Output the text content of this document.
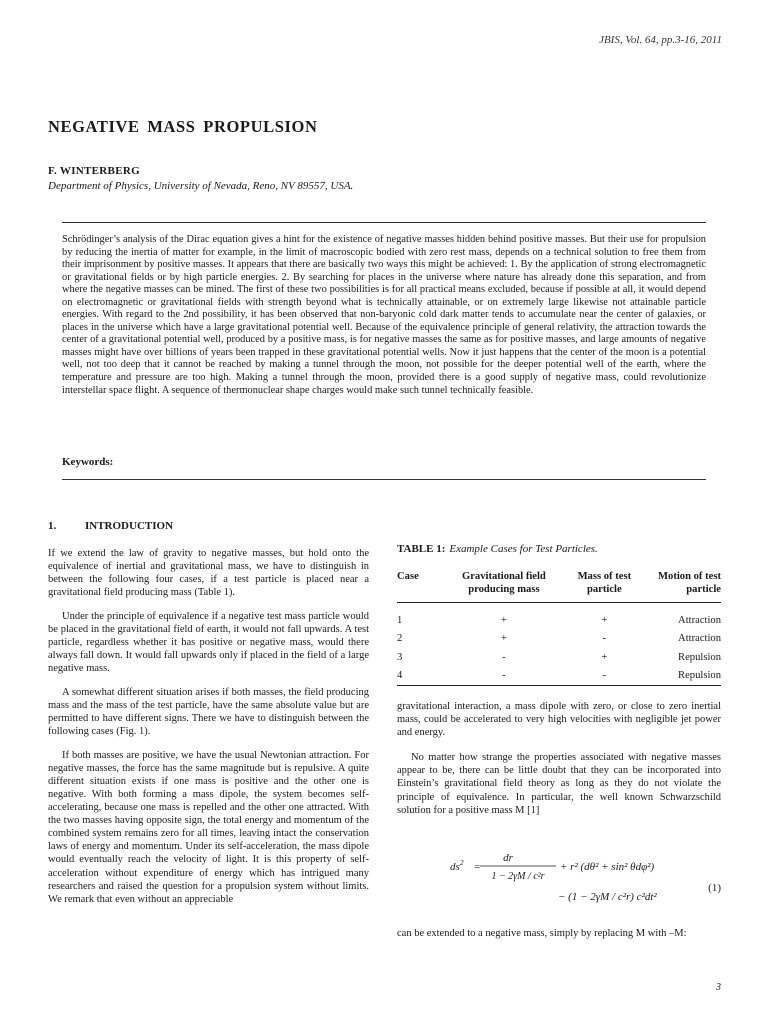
JBIS, Vol. 64, pp.3-16, 2011
NEGATIVE MASS PROPULSION
F. WINTERBERG
Department of Physics, University of Nevada, Reno, NV 89557, USA.

Schrödinger’s analysis of the Dirac equation gives a hint for the existence of negative masses hidden behind positive masses. But their use for propulsion by reducing the inertia of matter for example, in the limit of macroscopic bodied with zero rest mass, depends on a technical solution to free them from their imprisonment by positive masses. It appears that there are basically two ways this might be achieved: 1. By the application of strong electromagnetic or gravitational fields or by high particle energies. 2. By searching for places in the universe where nature has already done this separation, and from where the negative masses can be mined. The first of these two possibilities is for all practical means excluded, because if possible at all, it would depend on electromagnetic or gravitational fields with strength beyond what is technically attainable, or on extremely large likewise not attainable particle energies. With regard to the 2nd possibility, it has been observed that non-baryonic cold dark matter tends to accumulate near the center of galaxies, or places in the universe which have a large gravitational potential well. Because of the equivalence principle of general relativity, the attraction towards the center of a gravitational potential well, produced by a positive mass, is for negative masses the same as for positive masses, and large amounts of negative masses might have over billions of years been trapped in these gravitational potential wells. Now it just happens that the center of the moon is a potential well, not too deep that it cannot be reached by making a tunnel through the moon, not possible for the deeper potential well of the earth, where the temperature and pressure are too high. Making a tunnel through the moon, provided there is a good supply of negative mass, could revolutionize interstellar space flight. A sequence of thermonuclear shape charges would make such tunnel technically feasible.

Keywords:
1.	INTRODUCTION

If we extend the law of gravity to negative masses, but hold onto the equivalence of inertial and gravitational mass, we have to distinguish in between the following four cases, if a test particle is placed near a gravitational field producing mass (Table 1).

Under the principle of equivalence if a negative test mass particle would be placed in the gravitational field of earth, it would not fall upwards. A test particle, regardless whether it has positive or negative mass, would there always fall down. It would fall upwards only if placed in the field of a large negative mass.

A somewhat different situation arises if both masses, the field producing mass and the mass of the test particle, have the same absolute value but are permitted to have different signs. There we have to distinguish between the following cases (Fig. 1).

If both masses are positive, we have the usual Newtonian attraction. For negative masses, the force has the same magnitude but is repulsive. A quite different situation exists if one mass is positive and the other one is negative. With both forming a mass dipole, the system becomes self- accelerating, because one mass is repelled and the other one attracted. With the two masses having opposite sign, the total energy and momentum of the combined system remains zero for all times, leaving intact the conservation laws of energy and momentum. Under its self-acceleration, the mass dipole would eventually reach the velocity of light. It is this property of self-acceleration without expenditure of energy which has intrigued many researchers and raised the question for a propulsion system without limits. We remark that even without an appreciable

TABLE 1: Example Cases for Test Particles.
Case	Gravitational field producing mass	Mass of test particle	Motion of test particle
1	+	+	Attraction
2	+	-	Attraction
3	-	+	Repulsion
4	-	-	Repulsion

gravitational interaction, a mass dipole with zero, or close to zero inertial mass, could be accelerated to very high velocities with negligible jet power and energy.

No matter how strange the properties associated with negative masses appear to be, there can be little doubt that they can be incorporated into Einstein’s gravitational field theory as long as they do not violate the principle of equivalence. In particular, the well known Schwarzschild solution for a positive mass M [1]

$ds^2$ =
dr
1 − 2γM / c²r
+ r² (dθ² + sin² θdφ²)
− (1 − 2γM / c²r) c²dt²
(1)

can be extended to a negative mass, simply by replacing M with –M:

3
